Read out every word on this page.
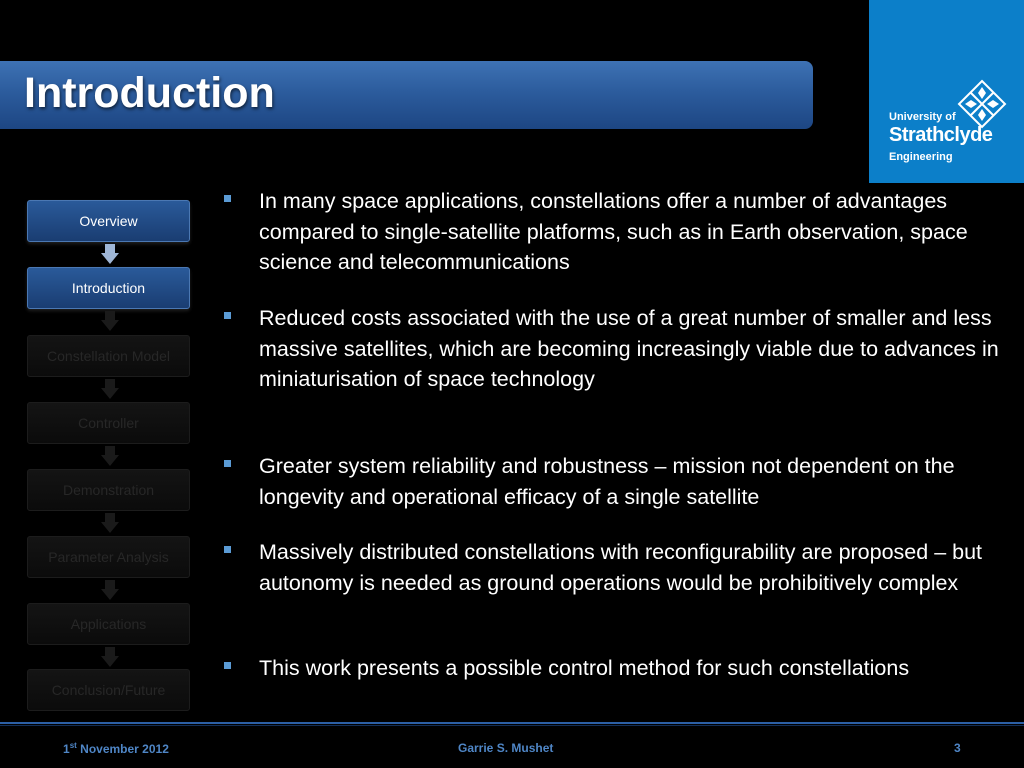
Introduction	University of
Strathclyde
Engineering
Overview
Introduction
Constellation Model
Controller
Demonstration
Parameter Analysis
Applications
Conclusion/Future
In many space applications, constellations offer a number of advantages compared to single-satellite platforms, such as in Earth observation, space science and telecommunications
Reduced costs associated with the use of a great number of smaller and less massive satellites, which are becoming increasingly viable due to advances in miniaturisation of space technology
Greater system reliability and robustness – mission not dependent on the longevity and operational efficacy of a single satellite
Massively distributed constellations with reconfigurability are proposed – but autonomy is needed as ground operations would be prohibitively complex
This work presents a possible control method for such constellations
1st November 2012	Garrie S. Mushet	3
